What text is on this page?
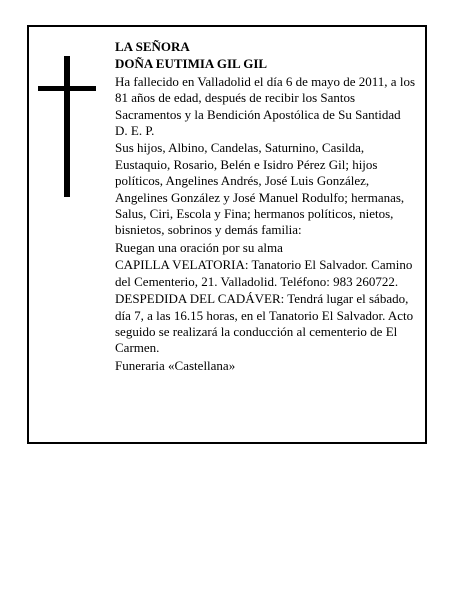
LA SEÑORA

DOÑA EUTIMIA GIL GIL

Ha fallecido en Valladolid el día 6 de mayo de 2011, a los 81 años de edad, después de recibir los Santos Sacramentos y la Bendición Apostólica de Su Santidad D. E. P.

Sus hijos, Albino, Candelas, Saturnino, Casilda, Eustaquio, Rosario, Belén e Isidro Pérez Gil; hijos políticos, Angelines Andrés, José Luis González, Angelines González y José Manuel Rodulfo; hermanas, Salus, Ciri, Escola y Fina; hermanos políticos, nietos, bisnietos, sobrinos y demás familia:

Ruegan una oración por su alma

CAPILLA VELATORIA: Tanatorio El Salvador. Camino del Cementerio, 21. Valladolid. Teléfono: 983 260722.

DESPEDIDA DEL CADÁVER: Tendrá lugar el sábado, día 7, a las 16.15 horas, en el Tanatorio El Salvador. Acto seguido se realizará la conducción al cementerio de El Carmen.

Funeraria «Castellana»
